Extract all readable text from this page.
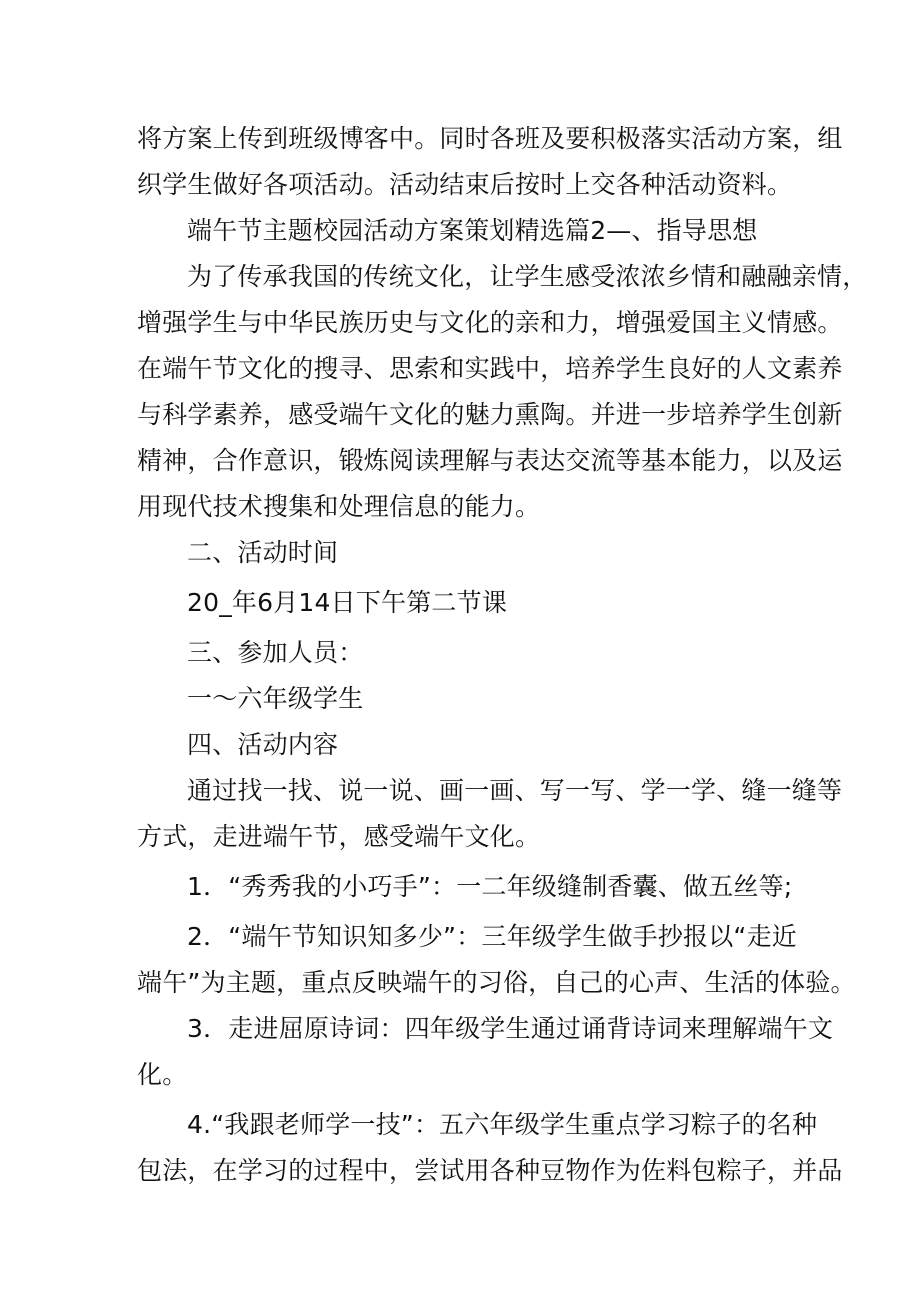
将方案上传到班级博客中。同时各班及要积极落实活动方案，组
织学生做好各项活动。活动结束后按时上交各种活动资料。
端午节主题校园活动方案策划精选篇2—、指导思想
为了传承我国的传统文化，让学生感受浓浓乡情和融融亲情，
增强学生与中华民族历史与文化的亲和力，增强爱国主义情感。
在端午节文化的搜寻、思索和实践中，培养学生良好的人文素养
与科学素养，感受端午文化的魅力熏陶。并进一步培养学生创新
精神，合作意识，锻炼阅读理解与表达交流等基本能力，以及运
用现代技术搜集和处理信息的能力。
二、活动时间
20_年6月14日下午第二节课
三、参加人员：
一〜六年级学生
四、活动内容
通过找一找、说一说、画一画、写一写、学一学、缝一缝等
方式，走进端午节，感受端午文化。
1．“秀秀我的小巧手”：一二年级缝制香囊、做五丝等;
2．“端午节知识知多少”：三年级学生做手抄报以“走近
端午”为主题，重点反映端午的习俗，自己的心声、生活的体验。
3．走进屈原诗词：四年级学生通过诵背诗词来理解端午文
化。
4.“我跟老师学一技”：五六年级学生重点学习粽子的名种
包法，在学习的过程中，尝试用各种豆物作为佐料包粽子，并品
